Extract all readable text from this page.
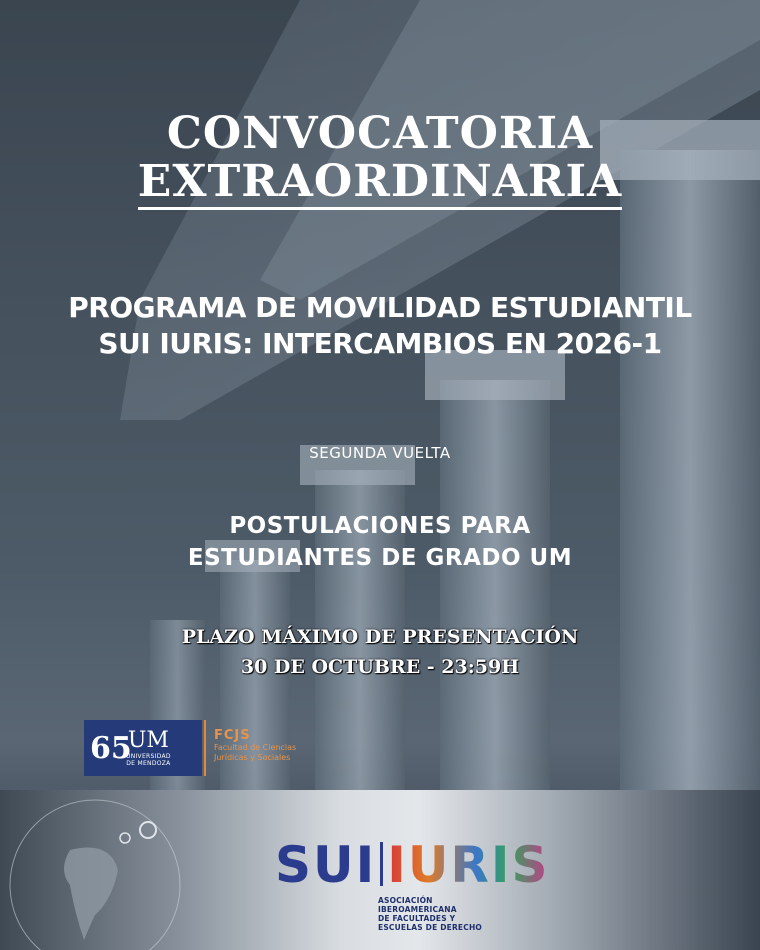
CONVOCATORIA
EXTRAORDINARIA
PROGRAMA DE MOVILIDAD ESTUDIANTIL
SUI IURIS: INTERCAMBIOS EN 2026-1
SEGUNDA VUELTA
POSTULACIONES PARA
ESTUDIANTES DE GRADO UM
PLAZO MÁXIMO DE PRESENTACIÓN
30 DE OCTUBRE - 23:59H
65
UM
UNIVERSIDAD
DE MENDOZA
FCJS
Facultad de Ciencias Jurídicas y Sociales
SUI IURIS
ASOCIACIÓN
IBEROAMERICANA
DE FACULTADES Y
ESCUELAS DE DERECHO
